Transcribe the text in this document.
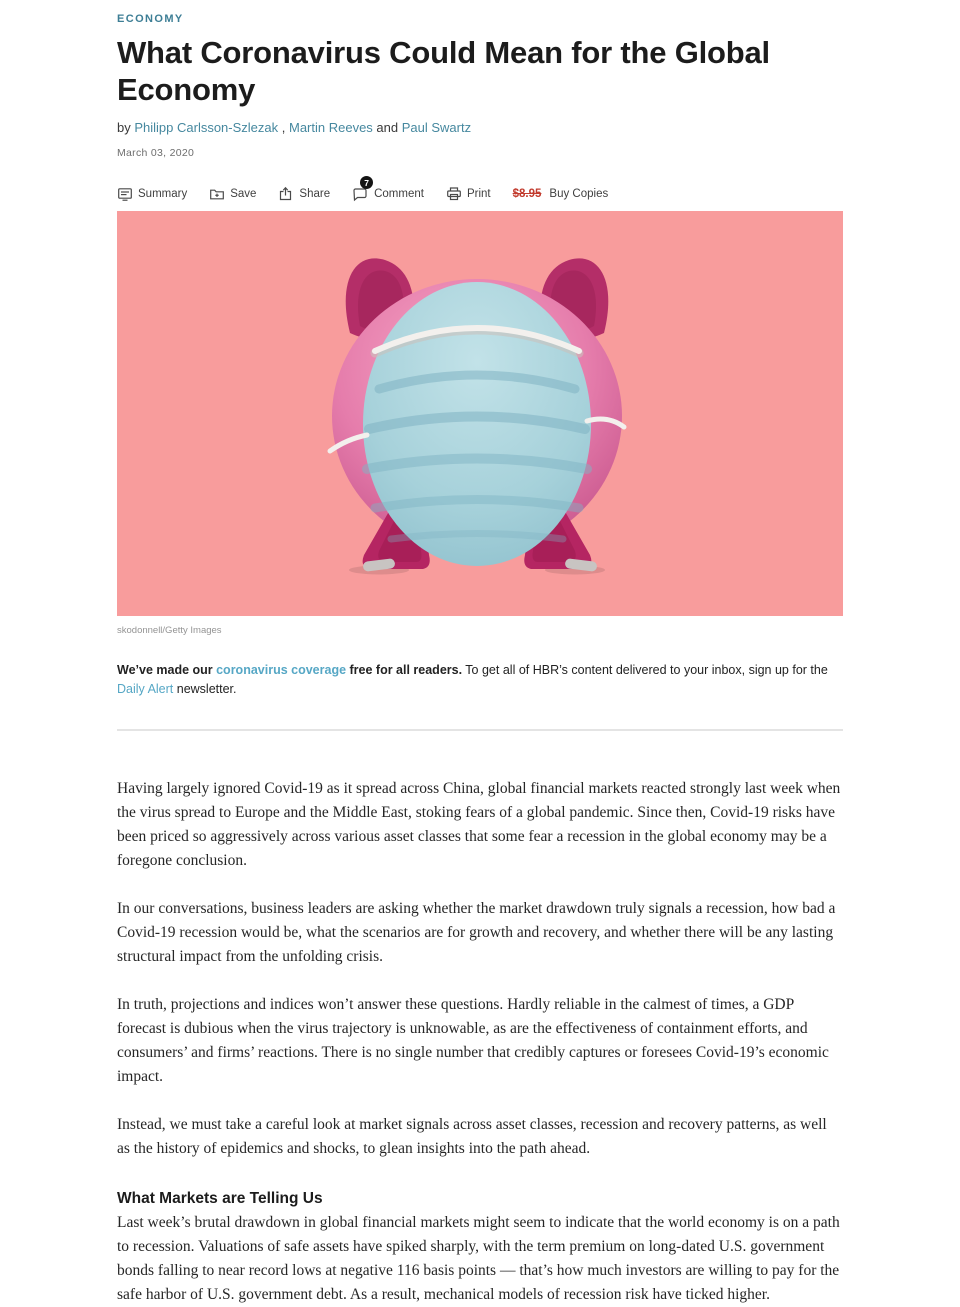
ECONOMY
What Coronavirus Could Mean for the Global Economy

by Philipp Carlsson-Szlezak , Martin Reeves and Paul Swartz

March 03, 2020
Summary	Save	Share
7
Comment	Print $8.95 Buy Copies
skodonnell/Getty Images

We’ve made our coronavirus coverage free for all readers. To get all of HBR’s content delivered to your inbox, sign up for the Daily Alert newsletter.

Having largely ignored Covid-19 as it spread across China, global financial markets reacted strongly last week when the virus spread to Europe and the Middle East, stoking fears of a global pandemic. Since then, Covid-19 risks have been priced so aggressively across various asset classes that some fear a recession in the global economy may be a foregone conclusion.

In our conversations, business leaders are asking whether the market drawdown truly signals a recession, how bad a Covid-19 recession would be, what the scenarios are for growth and recovery, and whether there will be any lasting structural impact from the unfolding crisis.

In truth, projections and indices won’t answer these questions. Hardly reliable in the calmest of times, a GDP forecast is dubious when the virus trajectory is unknowable, as are the effectiveness of containment efforts, and consumers’ and firms’ reactions. There is no single number that credibly captures or foresees Covid-19’s economic impact.

Instead, we must take a careful look at market signals across asset classes, recession and recovery patterns, as well as the history of epidemics and shocks, to glean insights into the path ahead.

What Markets are Telling Us

Last week’s brutal drawdown in global financial markets might seem to indicate that the world economy is on a path to recession. Valuations of safe assets have spiked sharply, with the term premium on long-dated U.S. government bonds falling to near record lows at negative 116 basis points — that’s how much investors are willing to pay for the safe harbor of U.S. government debt. As a result, mechanical models of recession risk have ticked higher.
